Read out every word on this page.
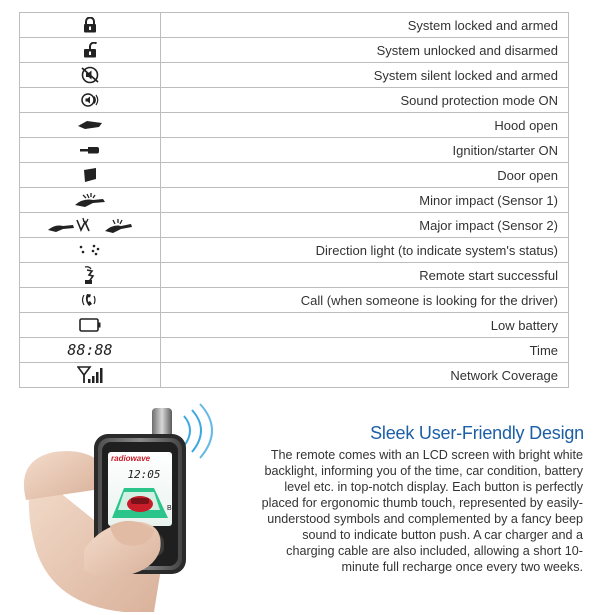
	System locked and armed
	System unlocked and disarmed
	System silent locked and armed
	Sound protection mode ON
	Hood open
	Ignition/starter ON
	Door open
	Minor impact (Sensor 1)
	Major impact (Sensor 2)
	Direction light (to indicate system's status)
	Remote start successful
	Call (when someone is looking for the driver)
	Low battery
88:88	Time
	Network Coverage
radiowave
12:05
B
Sleek User-Friendly Design

The remote comes with an LCD screen with bright white backlight, informing you of the time, car condition, battery level etc. in top-notch display. Each button is perfectly placed for ergonomic thumb touch, represented by easily-understood symbols and complemented by a fancy beep sound to indicate button push. A car charger and a charging cable are also included, allowing a short 10-minute full recharge once every two weeks.
